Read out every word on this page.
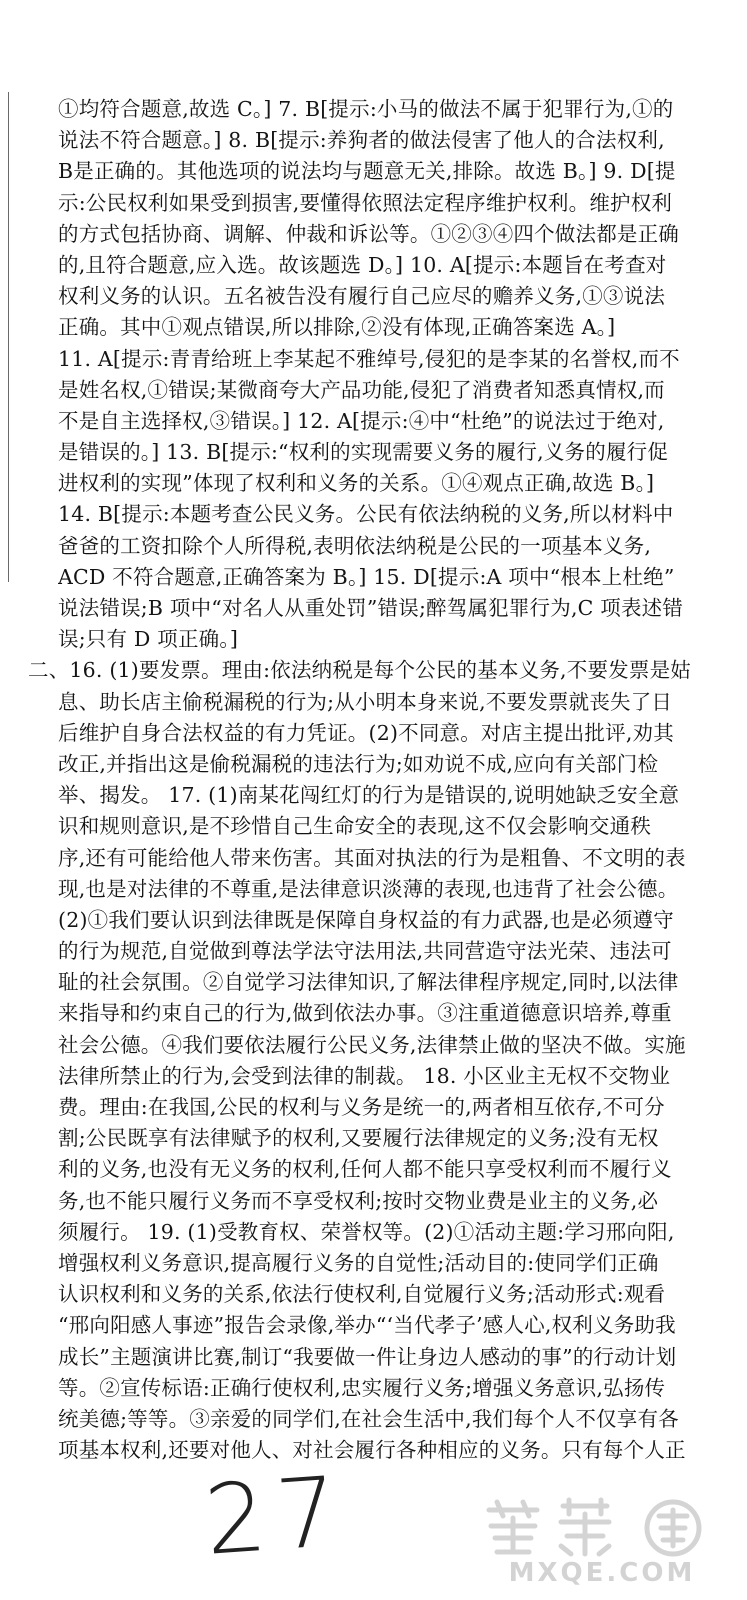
①均符合题意,故选 C。] 7. B[提示:小马的做法不属于犯罪行为,①的
说法不符合题意。] 8. B[提示:养狗者的做法侵害了他人的合法权利,
B是正确的。其他选项的说法均与题意无关,排除。故选 B。] 9. D[提
示:公民权利如果受到损害,要懂得依照法定程序维护权利。维护权利
的方式包括协商、调解、仲裁和诉讼等。①②③④四个做法都是正确
的,且符合题意,应入选。故该题选 D。] 10. A[提示:本题旨在考查对
权利义务的认识。五名被告没有履行自己应尽的赡养义务,①③说法
正确。其中①观点错误,所以排除,②没有体现,正确答案选 A。]
11. A[提示:青青给班上李某起不雅绰号,侵犯的是李某的名誉权,而不
是姓名权,①错误;某微商夸大产品功能,侵犯了消费者知悉真情权,而
不是自主选择权,③错误。] 12. A[提示:④中“杜绝”的说法过于绝对,
是错误的。] 13. B[提示:“权利的实现需要义务的履行,义务的履行促
进权利的实现”体现了权利和义务的关系。①④观点正确,故选 B。]
14. B[提示:本题考查公民义务。公民有依法纳税的义务,所以材料中
爸爸的工资扣除个人所得税,表明依法纳税是公民的一项基本义务,
ACD 不符合题意,正确答案为 B。] 15. D[提示:A 项中“根本上杜绝”
说法错误;B 项中“对名人从重处罚”错误;醉驾属犯罪行为,C 项表述错
误;只有 D 项正确。]
二、16. (1)要发票。理由:依法纳税是每个公民的基本义务,不要发票是姑
息、助长店主偷税漏税的行为;从小明本身来说,不要发票就丧失了日
后维护自身合法权益的有力凭证。(2)不同意。对店主提出批评,劝其
改正,并指出这是偷税漏税的违法行为;如劝说不成,应向有关部门检
举、揭发。 17. (1)南某花闯红灯的行为是错误的,说明她缺乏安全意
识和规则意识,是不珍惜自己生命安全的表现,这不仅会影响交通秩
序,还有可能给他人带来伤害。其面对执法的行为是粗鲁、不文明的表
现,也是对法律的不尊重,是法律意识淡薄的表现,也违背了社会公德。
(2)①我们要认识到法律既是保障自身权益的有力武器,也是必须遵守
的行为规范,自觉做到尊法学法守法用法,共同营造守法光荣、违法可
耻的社会氛围。②自觉学习法律知识,了解法律程序规定,同时,以法律
来指导和约束自己的行为,做到依法办事。③注重道德意识培养,尊重
社会公德。④我们要依法履行公民义务,法律禁止做的坚决不做。实施
法律所禁止的行为,会受到法律的制裁。 18. 小区业主无权不交物业
费。理由:在我国,公民的权利与义务是统一的,两者相互依存,不可分
割;公民既享有法律赋予的权利,又要履行法律规定的义务;没有无权
利的义务,也没有无义务的权利,任何人都不能只享受权利而不履行义
务,也不能只履行义务而不享受权利;按时交物业费是业主的义务,必
须履行。 19. (1)受教育权、荣誉权等。(2)①活动主题:学习邢向阳,
增强权利义务意识,提高履行义务的自觉性;活动目的:使同学们正确
认识权利和义务的关系,依法行使权利,自觉履行义务;活动形式:观看
“邢向阳感人事迹”报告会录像,举办“‘当代孝子’感人心,权利义务助我
成长”主题演讲比赛,制订“我要做一件让身边人感动的事”的行动计划
等。②宣传标语:正确行使权利,忠实履行义务;增强义务意识,弘扬传
统美德;等等。③亲爱的同学们,在社会生活中,我们每个人不仅享有各
项基本权利,还要对他人、对社会履行各种相应的义务。只有每个人正
27	MXQE.COM
